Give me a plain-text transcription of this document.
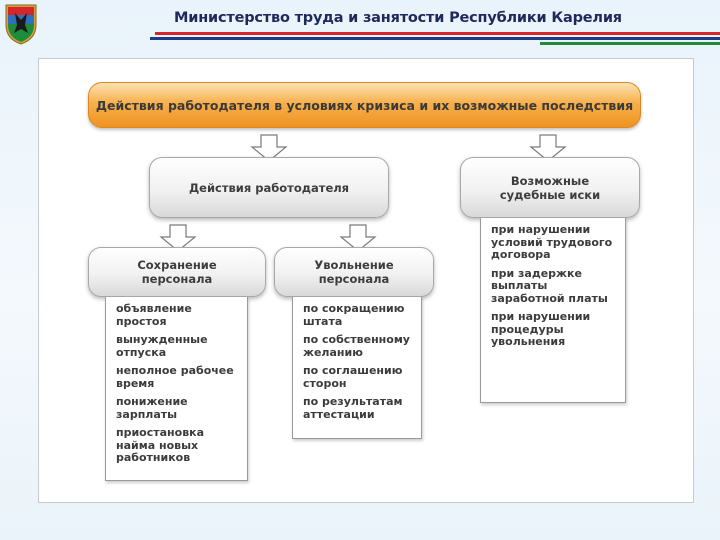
Министерство труда и занятости Республики Карелия
Действия работодателя в условиях кризиса и их возможные последствия
Действия работодателя	Возможные судебные иски
при нарушении условий трудового договора
при задержке выплаты заработной платы
при нарушении процедуры увольнения
Сохранение персонала
объявление простоя
вынужденные отпуска
неполное рабочее время
понижение зарплаты
приостановка найма новых работников
Увольнение персонала
по сокращению штата
по собственному желанию
по соглашению сторон
по результатам аттестации
